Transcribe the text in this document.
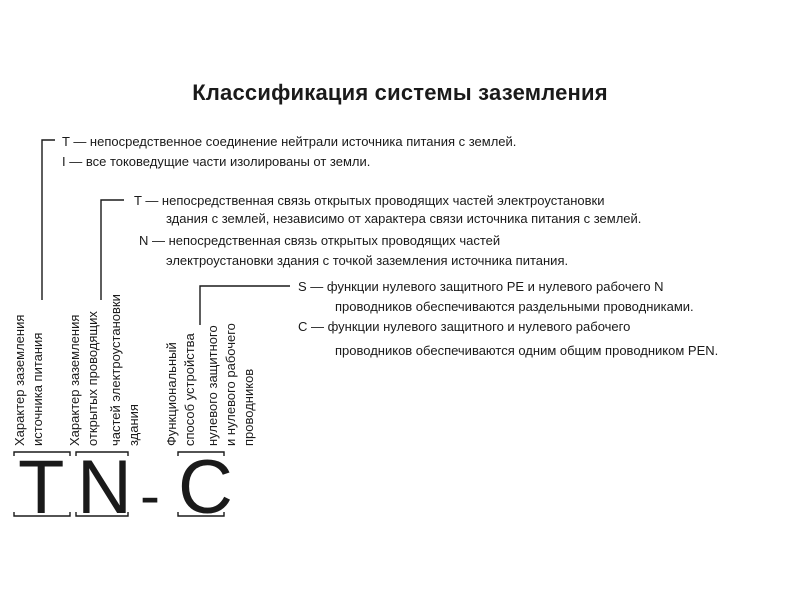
Классификация системы заземления
T — непосредственное соединение нейтрали источника питания с землей.
I — все токоведущие части изолированы от земли.
T — непосредственная связь открытых проводящих частей электроустановки
здания с землей, независимо от характера связи источника питания с землей.
N — непосредственная связь открытых проводящих частей
электроустановки здания с точкой заземления источника питания.
S — функции нулевого защитного PE и нулевого рабочего N
проводников обеспечиваются раздельными проводниками.
C — функции нулевого защитного и нулевого рабочего
проводников обеспечиваются одним общим проводником PEN.
Характер заземления источника питания Характер заземления открытых проводящих частей электроустановки здания Функциональный способ устройства нулевого защитного и нулевого рабочего проводников
T N - C
